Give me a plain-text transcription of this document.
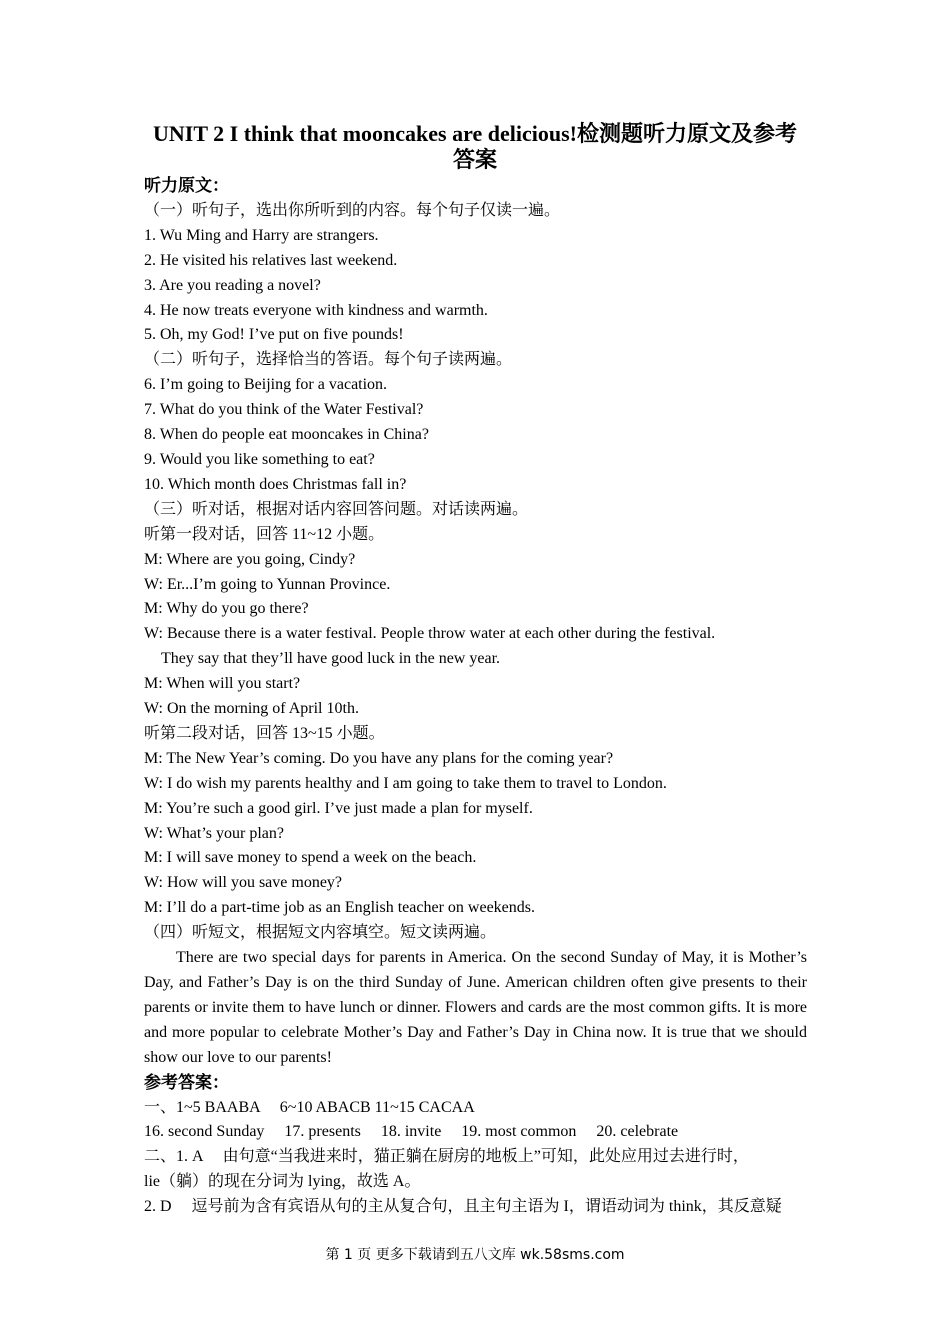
UNIT 2 I think that mooncakes are delicious!检测题听力原文及参考
答案
听力原文：
（一）听句子，选出你所听到的内容。每个句子仅读一遍。
1. Wu Ming and Harry are strangers.
2. He visited his relatives last weekend.
3. Are you reading a novel?
4. He now treats everyone with kindness and warmth.
5. Oh, my God! I’ve put on five pounds!
（二）听句子，选择恰当的答语。每个句子读两遍。
6. I’m going to Beijing for a vacation.
7. What do you think of the Water Festival?
8. When do people eat mooncakes in China?
9. Would you like something to eat?
10. Which month does Christmas fall in?
（三）听对话，根据对话内容回答问题。对话读两遍。
听第一段对话，回答 11~12 小题。
M: Where are you going, Cindy?
W: Er...I’m going to Yunnan Province.
M: Why do you go there?
W: Because there is a water festival. People throw water at each other during the festival.
They say that they’ll have good luck in the new year.
M: When will you start?
W: On the morning of April 10th.
听第二段对话，回答 13~15 小题。
M: The New Year’s coming. Do you have any plans for the coming year?
W: I do wish my parents healthy and I am going to take them to travel to London.
M: You’re such a good girl. I’ve just made a plan for myself.
W: What’s your plan?
M: I will save money to spend a week on the beach.
W: How will you save money?
M: I’ll do a part-time job as an English teacher on weekends.
（四）听短文，根据短文内容填空。短文读两遍。
There are two special days for parents in America. On the second Sunday of May, it is Mother’s Day, and Father’s Day is on the third Sunday of June. American children often give presents to their parents or invite them to have lunch or dinner. Flowers and cards are the most common gifts. It is more and more popular to celebrate Mother’s Day and Father’s Day in China now. It is true that we should show our love to our parents!
参考答案：
一、1~5 BAABA　 6~10 ABACB 11~15 CACAA
16. second Sunday　 17. presents　 18. invite　 19. most common　 20. celebrate
二、1. A　 由句意“当我进来时，猫正躺在厨房的地板上”可知，此处应用过去进行时，
lie（躺）的现在分词为 lying，故选 A。
2. D　 逗号前为含有宾语从句的主从复合句，且主句主语为 I，谓语动词为 think，其反意疑
第 1 页 更多下载请到五八文库 wk.58sms.com
